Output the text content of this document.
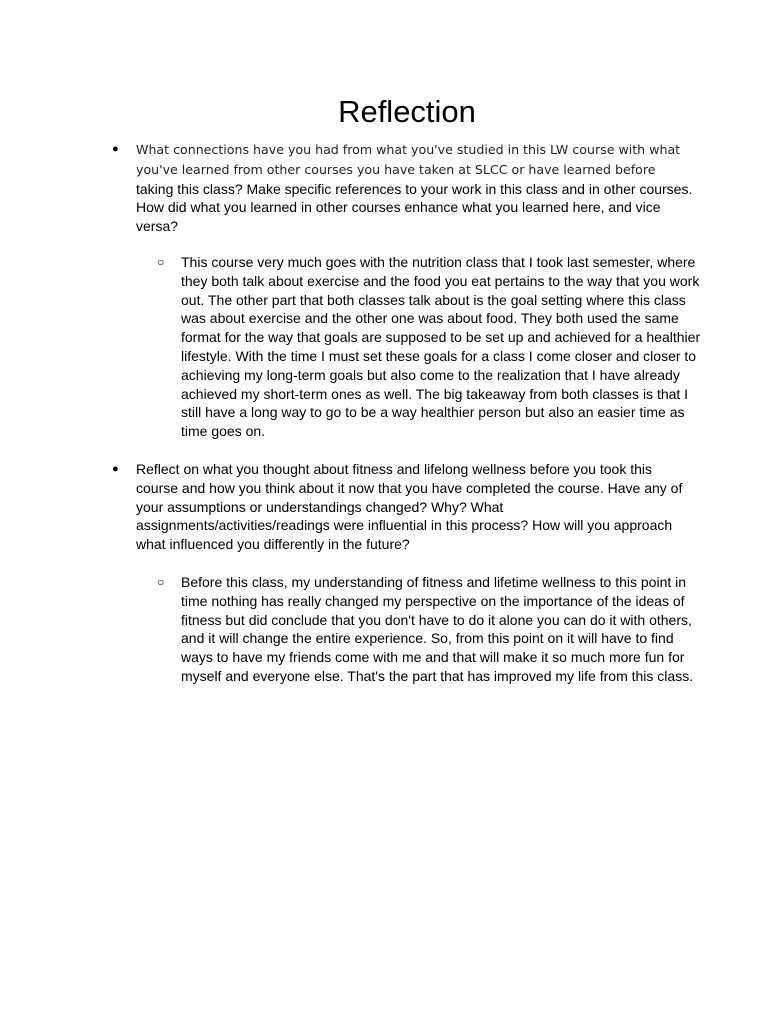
Reflection
● What connections have you had from what you've studied in this LW course with what you've learned from other courses you have taken at SLCC or have learned before taking this class? Make specific references to your work in this class and in other courses. How did what you learned in other courses enhance what you learned here, and vice versa?
○ This course very much goes with the nutrition class that I took last semester, where they both talk about exercise and the food you eat pertains to the way that you work out. The other part that both classes talk about is the goal setting where this class was about exercise and the other one was about food. They both used the same format for the way that goals are supposed to be set up and achieved for a healthier lifestyle. With the time I must set these goals for a class I come closer and closer to achieving my long-term goals but also come to the realization that I have already achieved my short-term ones as well. The big takeaway from both classes is that I still have a long way to go to be a way healthier person but also an easier time as time goes on.
● Reflect on what you thought about fitness and lifelong wellness before you took this course and how you think about it now that you have completed the course. Have any of your assumptions or understandings changed? Why? What assignments/activities/readings were influential in this process? How will you approach what influenced you differently in the future?
○ Before this class, my understanding of fitness and lifetime wellness to this point in time nothing has really changed my perspective on the importance of the ideas of fitness but did conclude that you don't have to do it alone you can do it with others, and it will change the entire experience. So, from this point on it will have to find ways to have my friends come with me and that will make it so much more fun for myself and everyone else. That's the part that has improved my life from this class.
